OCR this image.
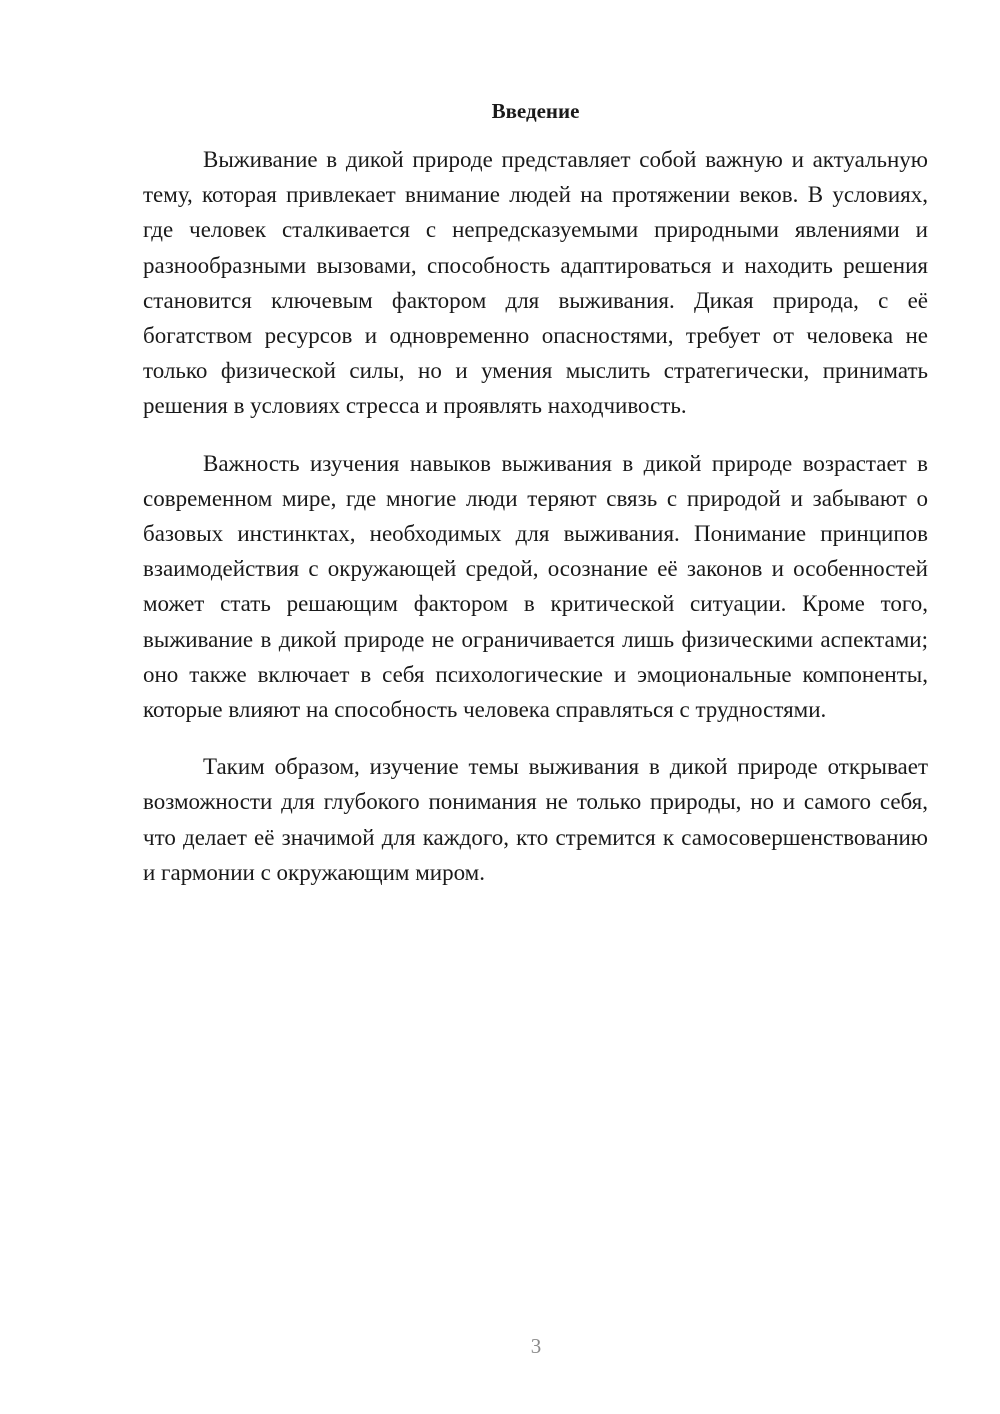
Введение

Выживание в дикой природе представляет собой важную и актуальную тему, которая привлекает внимание людей на протяжении веков. В условиях, где человек сталкивается с непредсказуемыми природными явлениями и разнообразными вызовами, способность адаптироваться и находить решения становится ключевым фактором для выживания. Дикая природа, с её богатством ресурсов и одновременно опасностями, требует от человека не только физической силы, но и умения мыслить стратегически, принимать решения в условиях стресса и проявлять находчивость.

Важность изучения навыков выживания в дикой природе возрастает в современном мире, где многие люди теряют связь с природой и забывают о базовых инстинктах, необходимых для выживания. Понимание принципов взаимодействия с окружающей средой, осознание её законов и особенностей может стать решающим фактором в критической ситуации. Кроме того, выживание в дикой природе не ограничивается лишь физическими аспектами; оно также включает в себя психологические и эмоциональные компоненты, которые влияют на способность человека справляться с трудностями.

Таким образом, изучение темы выживания в дикой природе открывает возможности для глубокого понимания не только природы, но и самого себя, что делает её значимой для каждого, кто стремится к самосовершенствованию и гармонии с окружающим миром.

3
